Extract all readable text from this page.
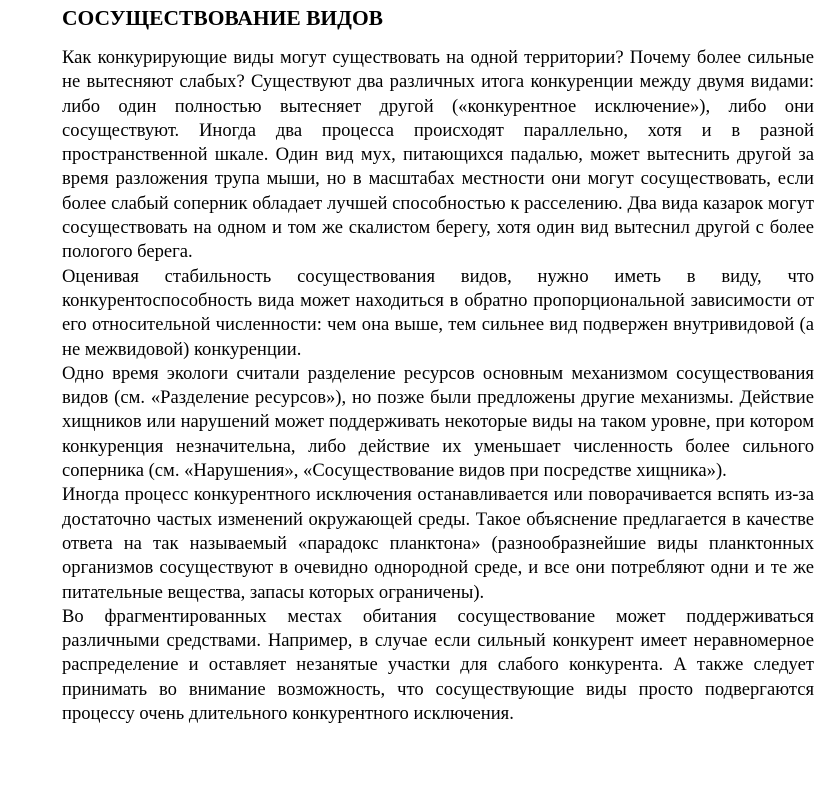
СОСУЩЕСТВОВАНИЕ ВИДОВ

Как конкурирующие виды могут существовать на одной территории? Почему более сильные не вытесняют слабых? Существуют два различных итога конкуренции между двумя видами: либо один полностью вытесняет другой («конкурентное исключение»), либо они сосуществуют. Иногда два процесса происходят параллельно, хотя и в разной пространственной шкале. Один вид мух, питающихся падалью, может вытеснить другой за время разложения трупа мыши, но в масштабах местности они могут сосуществовать, если более слабый соперник обладает лучшей способностью к расселению. Два вида казарок могут сосуществовать на одном и том же скалистом берегу, хотя один вид вытеснил другой с более пологого берега.

Оценивая стабильность сосуществования видов, нужно иметь в виду, что конкурентоспособность вида может находиться в обратно пропорциональной зависимости от его относительной численности: чем она выше, тем сильнее вид подвержен внутривидовой (а не межвидовой) конкуренции.

Одно время экологи считали разделение ресурсов основным механизмом сосуществования видов (см. «Разделение ресурсов»), но позже были предложены другие механизмы. Действие хищников или нарушений может поддерживать некоторые виды на таком уровне, при котором конкуренция незначительна, либо действие их уменьшает численность более сильного соперника (см. «Нарушения», «Сосуществование видов при посредстве хищника»).

Иногда процесс конкурентного исключения останавливается или поворачивается вспять из-за достаточно частых изменений окружающей среды. Такое объяснение предлагается в качестве ответа на так называемый «парадокс планктона» (разнообразнейшие виды планктонных организмов сосуществуют в очевидно однородной среде, и все они потребляют одни и те же питательные вещества, запасы которых ограничены).

Во фрагментированных местах обитания сосуществование может поддерживаться различными средствами. Например, в случае если сильный конкурент имеет неравномерное распределение и оставляет незанятые участки для слабого конкурента. А также следует принимать во внимание возможность, что сосуществующие виды просто подвергаются процессу очень длительного конкурентного исключения.
